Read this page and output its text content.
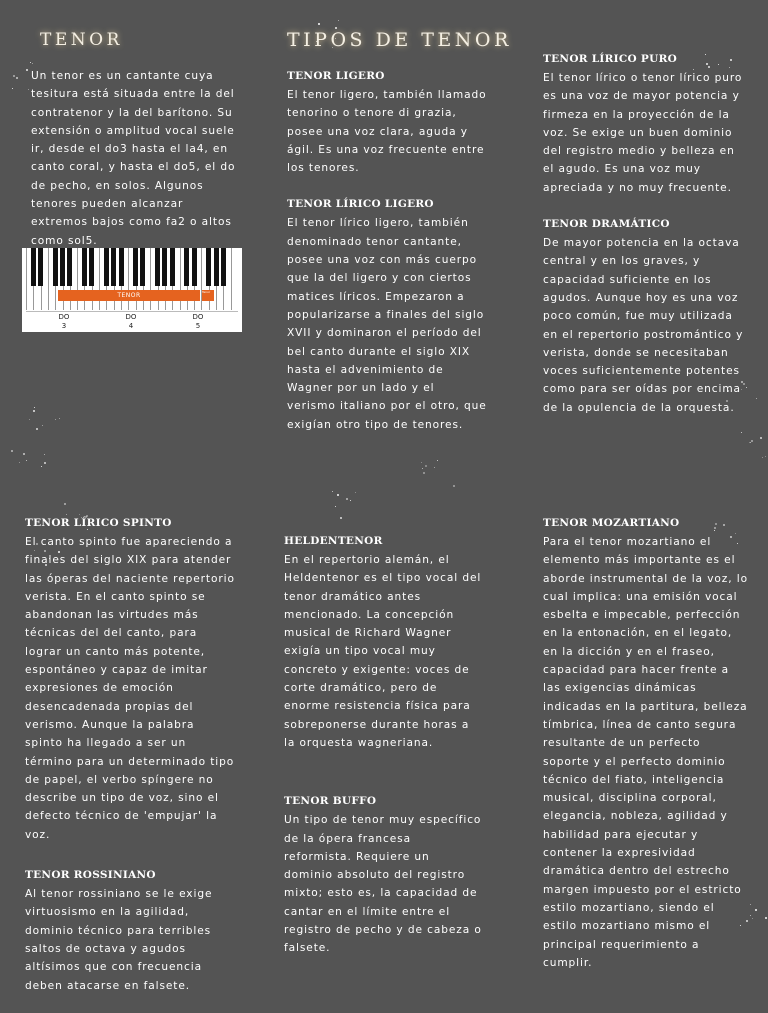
TENOR	TIPOS DE TENOR

Un tenor es un cantante cuya tesitura está situada entre la del contratenor y la del barítono. Su extensión o amplitud vocal suele ir, desde el do3 hasta el la4, en canto coral, y hasta el do5, el do de pecho, en solos. Algunos tenores pueden alcanzar extremos bajos como fa2 o altos como sol5.

TENOR	Tenor
DO
3
DO
4
DO
5
TENOR LIGERO

El tenor ligero, también llamado tenorino o tenore di grazia, posee una voz clara, aguda y ágil. Es una voz frecuente entre los tenores.

TENOR LÍRICO LIGERO

El tenor lírico ligero, también denominado tenor cantante, posee una voz con más cuerpo que la del ligero y con ciertos matices líricos. Empezaron a popularizarse a finales del siglo XVII y dominaron el período del bel canto durante el siglo XIX hasta el advenimiento de Wagner por un lado y el verismo italiano por el otro, que exigían otro tipo de tenores.

TENOR LÍRICO PURO

El tenor lírico o tenor lírico puro es una voz de mayor potencia y firmeza en la proyección de la voz. Se exige un buen dominio del registro medio y belleza en el agudo. Es una voz muy apreciada y no muy frecuente.

TENOR DRAMÁTICO

De mayor potencia en la octava central y en los graves, y capacidad suficiente en los agudos. Aunque hoy es una voz poco común, fue muy utilizada en el repertorio postromántico y verista, donde se necesitaban voces suficientemente potentes como para ser oídas por encima de la opulencia de la orquesta.

TENOR LÍRICO SPINTO

El canto spinto fue apareciendo a finales del siglo XIX para atender las óperas del naciente repertorio verista. En el canto spinto se abandonan las virtudes más técnicas del del canto, para lograr un canto más potente, espontáneo y capaz de imitar expresiones de emoción desencadenada propias del verismo. Aunque la palabra spinto ha llegado a ser un término para un determinado tipo de papel, el verbo spíngere no describe un tipo de voz, sino el defecto técnico de 'empujar' la voz.

TENOR ROSSINIANO

Al tenor rossiniano se le exige virtuosismo en la agilidad, dominio técnico para terribles saltos de octava y agudos altísimos que con frecuencia deben atacarse en falsete.

HELDENTENOR

En el repertorio alemán, el Heldentenor es el tipo vocal del tenor dramático antes mencionado. La concepción musical de Richard Wagner exigía un tipo vocal muy concreto y exigente: voces de corte dramático, pero de enorme resistencia física para sobreponerse durante horas a la orquesta wagneriana.

TENOR BUFFO

Un tipo de tenor muy específico de la ópera francesa reformista. Requiere un dominio absoluto del registro mixto; esto es, la capacidad de cantar en el límite entre el registro de pecho y de cabeza o falsete.

TENOR MOZARTIANO

Para el tenor mozartiano el elemento más importante es el aborde instrumental de la voz, lo cual implica: una emisión vocal esbelta e impecable, perfección en la entonación, en el legato, en la dicción y en el fraseo, capacidad para hacer frente a las exigencias dinámicas indicadas en la partitura, belleza tímbrica, línea de canto segura resultante de un perfecto soporte y el perfecto dominio técnico del fiato, inteligencia musical, disciplina corporal, elegancia, nobleza, agilidad y habilidad para ejecutar y contener la expresividad dramática dentro del estrecho margen impuesto por el estricto estilo mozartiano, siendo el estilo mozartiano mismo el principal requerimiento a cumplir.
